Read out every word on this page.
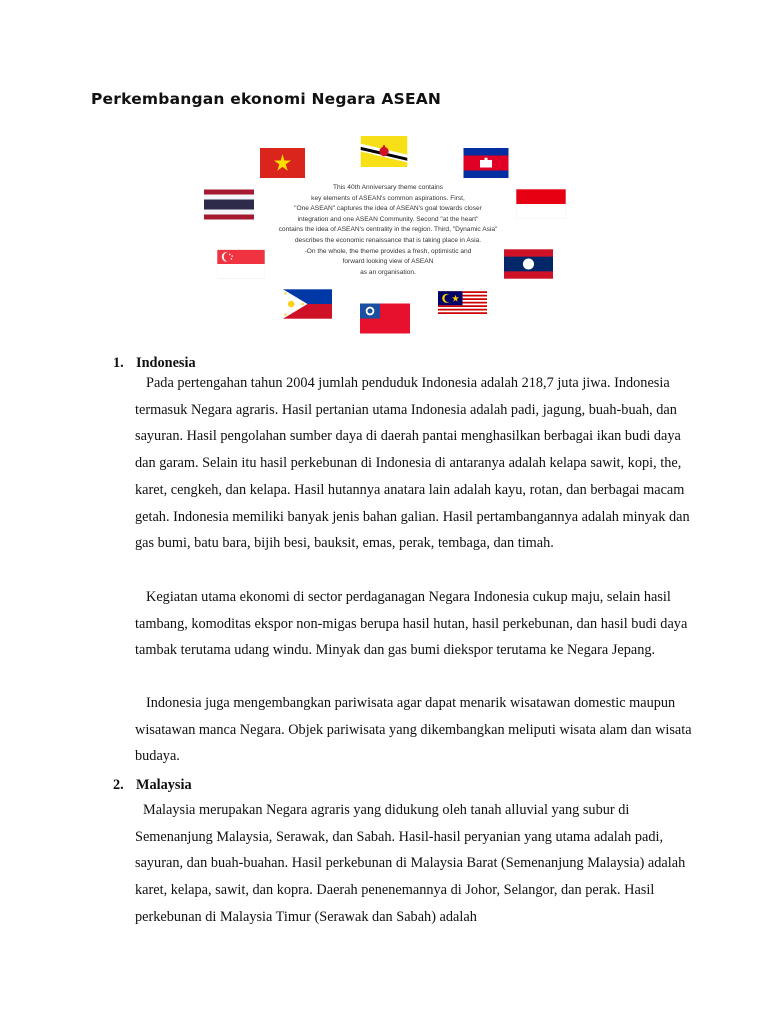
Perkembangan ekonomi Negara ASEAN

This 40th Anniversary theme contains
key elements of ASEAN's common aspirations. First,
"One ASEAN" captures the idea of ASEAN's goal towards closer
integration and one ASEAN Community. Second "at the heart"
contains the idea of ASEAN's centrality in the region. Third, "Dynamic Asia"
describes the economic renaissance that is taking place in Asia.
-On the whole, the theme provides a fresh, optimistic and
forward looking view of ASEAN
as an organisation.

1. Indonesia

Pada pertengahan tahun 2004 jumlah penduduk Indonesia adalah 218,7 juta jiwa. Indonesia termasuk Negara agraris. Hasil pertanian utama Indonesia adalah padi, jagung, buah-buah, dan sayuran. Hasil pengolahan sumber daya di daerah pantai menghasilkan berbagai ikan budi daya dan garam. Selain itu hasil perkebunan di Indonesia di antaranya adalah kelapa sawit, kopi, the, karet, cengkeh, dan kelapa. Hasil hutannya anatara lain adalah kayu, rotan, dan berbagai macam getah. Indonesia memiliki banyak jenis bahan galian. Hasil pertambangannya adalah minyak dan gas bumi, batu bara, bijih besi, bauksit, emas, perak, tembaga, dan timah.

Kegiatan utama ekonomi di sector perdaganagan Negara Indonesia cukup maju, selain hasil tambang, komoditas ekspor non-migas berupa hasil hutan, hasil perkebunan, dan hasil budi daya tambak terutama udang windu. Minyak dan gas bumi diekspor terutama ke Negara Jepang.

Indonesia juga mengembangkan pariwisata agar dapat menarik wisatawan domestic maupun wisatawan manca Negara. Objek pariwisata yang dikembangkan meliputi wisata alam dan wisata budaya.

2. Malaysia

Malaysia merupakan Negara agraris yang didukung oleh tanah alluvial yang subur di Semenanjung Malaysia, Serawak, dan Sabah. Hasil-hasil peryanian yang utama adalah padi, sayuran, dan buah-buahan. Hasil perkebunan di Malaysia Barat (Semenanjung Malaysia) adalah karet, kelapa, sawit, dan kopra. Daerah penenemannya di Johor, Selangor, dan perak. Hasil perkebunan di Malaysia Timur (Serawak dan Sabah) adalah
